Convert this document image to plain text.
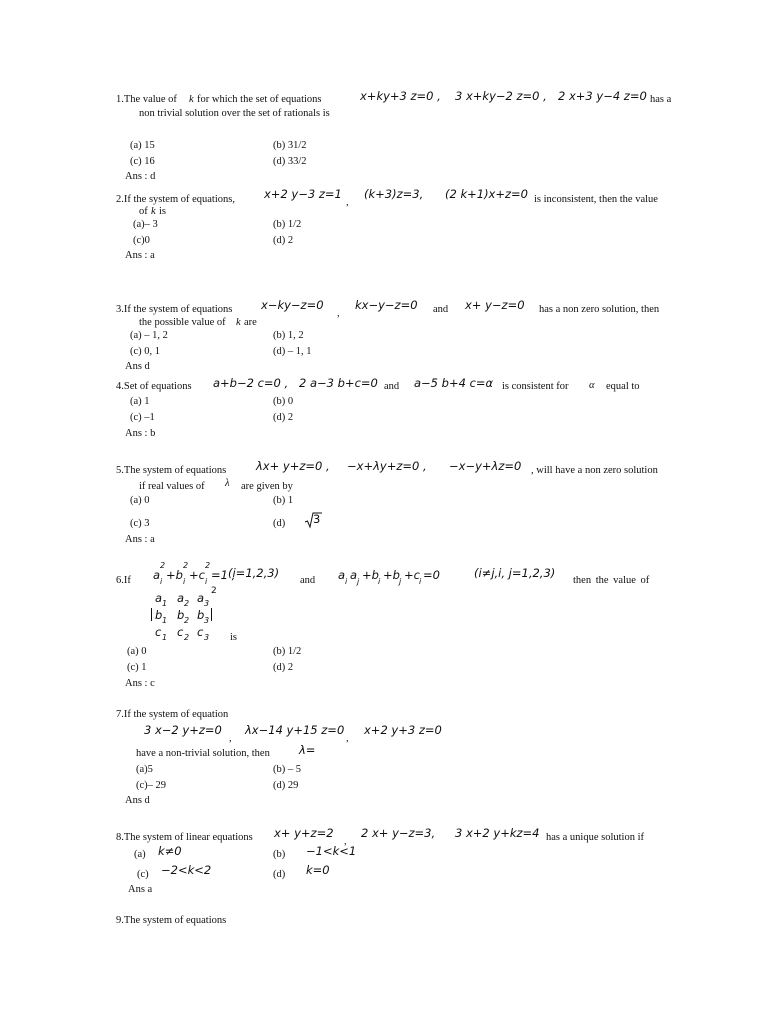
1.The value of k for which the set of equations	x+ky+3 z=0 , 3 x+ky−2 z=0 , 2 x+3 y−4 z=0 has a
non trivial solution over the set of rationals is
(a) 15	(b) 31/2
(c) 16	(d) 33/2
Ans : d
2.If the system of equations,	x+2 y−3 z=1
,
(k+3)z=3, (2 k+1)x+z=0 is inconsistent, then the value
of k is
(a)– 3	(b) 1/2
(c)0	(d) 2
Ans : a
3.If the system of equations x−ky−z=0
,
kx−y−z=0 and x+ y−z=0 has a non zero solution, then
the possible value of k are
(a) – 1, 2	(b) 1, 2
(c) 0, 1	(d) – 1, 1
Ans d
4.Set of equations a+b−2 c=0 , 2 a−3 b+c=0 and a−5 b+4 c=α is consistent for α equal to
(a) 1	(b) 0
(c) –1	(d) 2
Ans : b
5.The system of equations	λx+ y+z=0 , −x+λy+z=0 , −x−y+λz=0 , will have a non zero solution
if real values of λ are given by
(a) 0	(b) 1
(c) 3	(d) 3
Ans : a
6.If a
2
i +b
2
i +c
2
i =1 ,
(i=1,2,3)
and a i a j +b i +b j +c i =0	(i≠j,i, j=1,2,3)
then the value of
a 1 a 2 a 3
2
b 1 b 2 b 3
c 1 c 2 c 3 is
(a) 0	(b) 1/2
(c) 1	(d) 2
Ans : c
7.If the system of equation
3 x−2 y+z=0
,
λx−14 y+15 z=0
,
x+2 y+3 z=0
have a non-trivial solution, then	λ=
(a)5	(b) – 5
(c)– 29	(d) 29
Ans d
8.The system of linear equations x+ y+z=2
,
2 x+ y−z=3, 3 x+2 y+kz=4 has a unique solution if
(a) k≠0	(b) −1<k<1
(c) −2<k<2	(d) k=0
Ans a
9.The system of equations
